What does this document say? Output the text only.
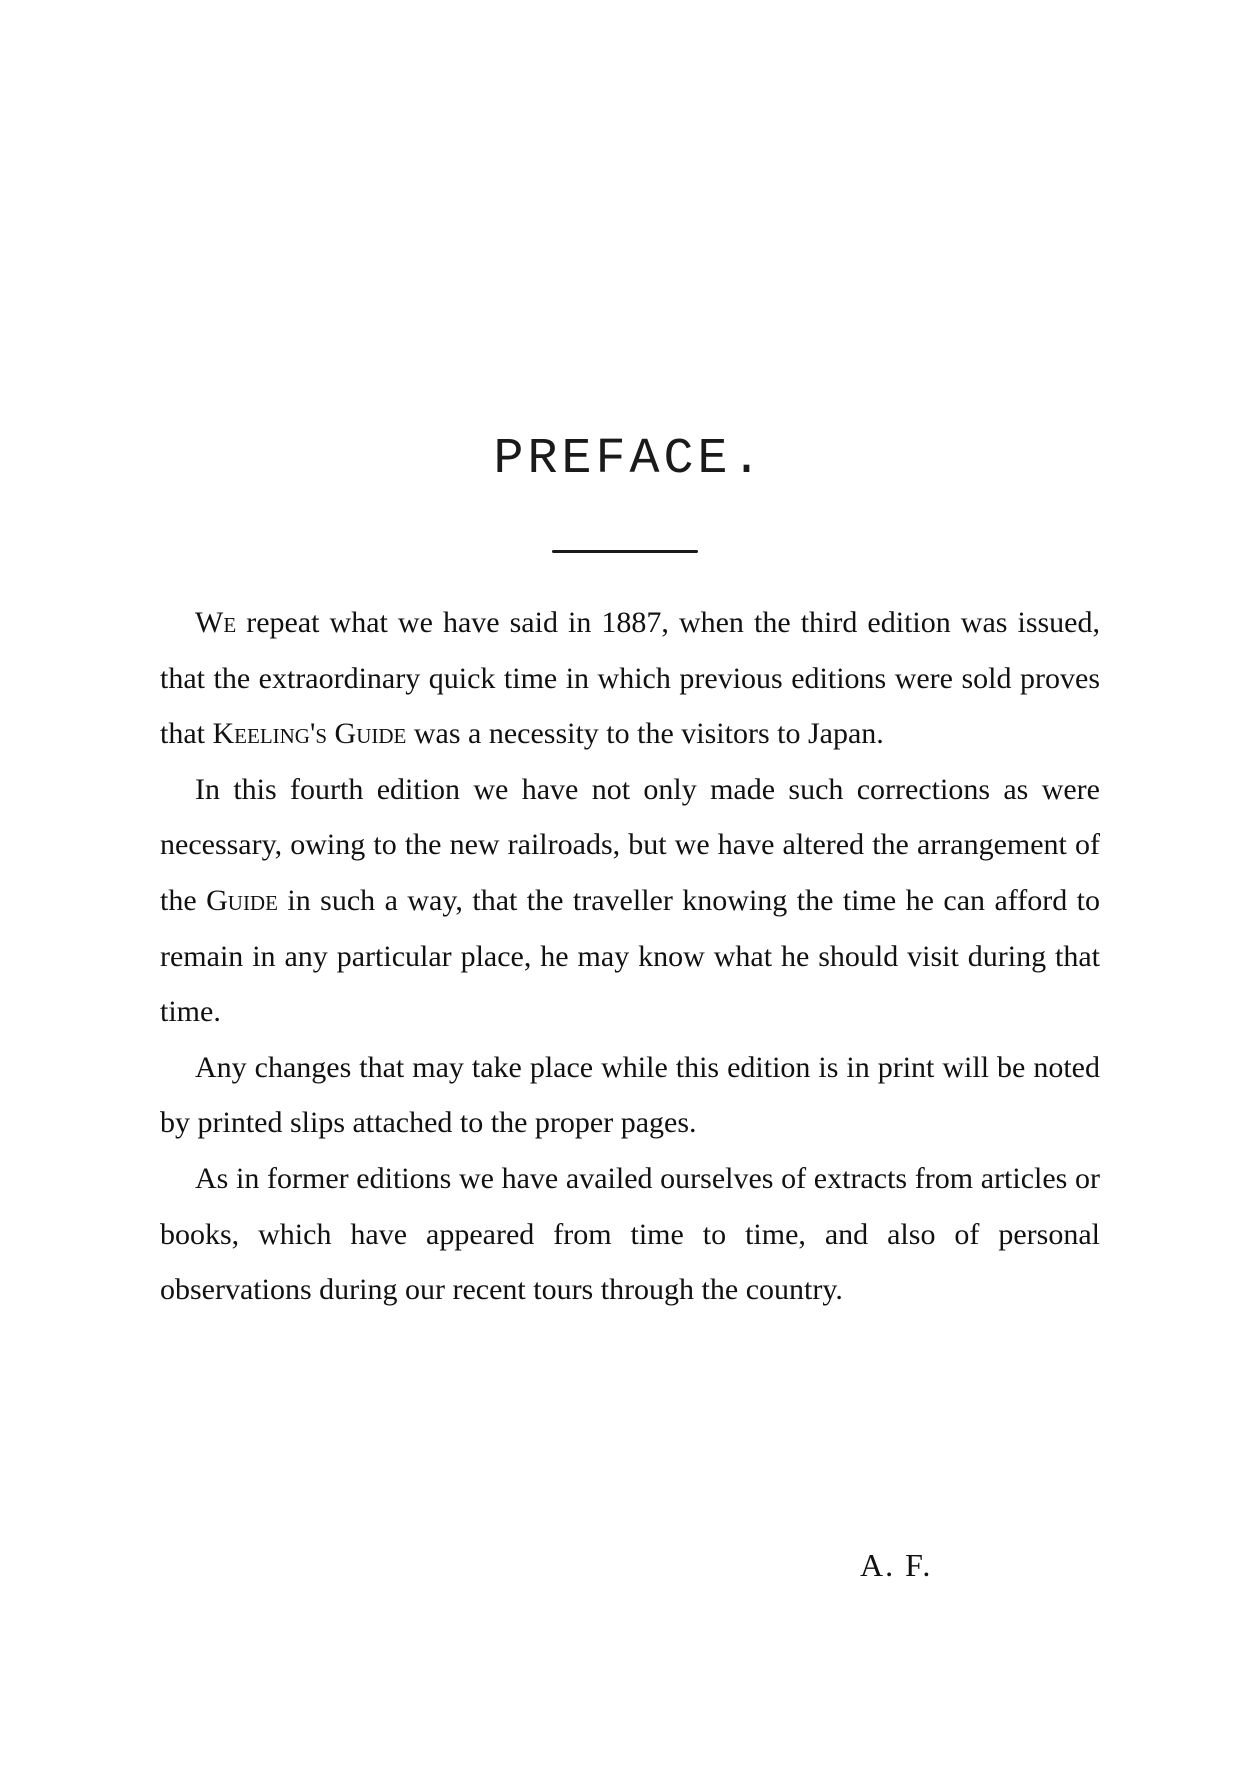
PREFACE.

We repeat what we have said in 1887, when the third edition was issued, that the extraordinary quick time in which previous editions were sold proves that Keeling's Guide was a necessity to the visitors to Japan.

In this fourth edition we have not only made such corrections as were necessary, owing to the new railroads, but we have altered the arrangement of the Guide in such a way, that the traveller knowing the time he can afford to remain in any particular place, he may know what he should visit during that time.

Any changes that may take place while this edition is in print will be noted by printed slips attached to the proper pages.

As in former editions we have availed ourselves of extracts from articles or books, which have appeared from time to time, and also of personal observations during our recent tours through the country.

A. F.
